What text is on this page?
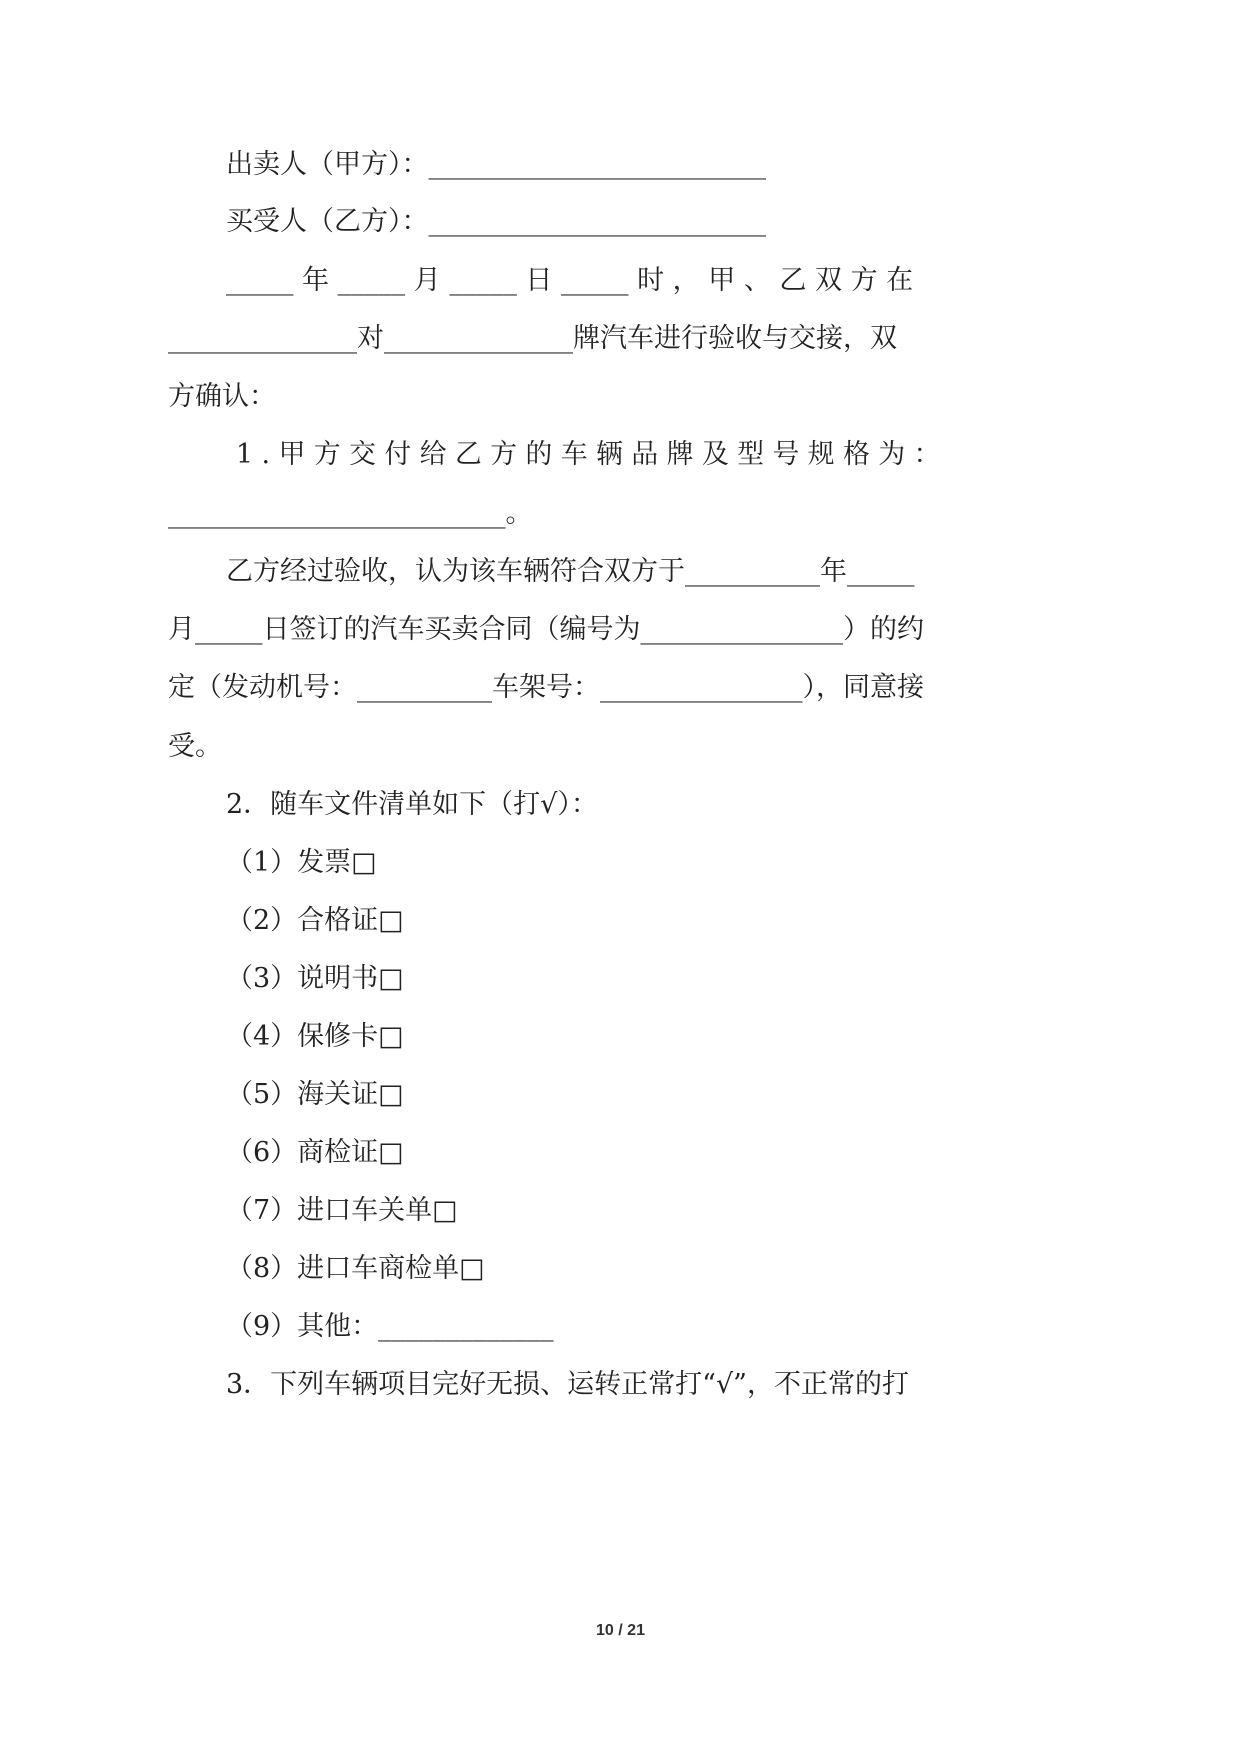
出卖人（甲方）：_________________________

买受人（乙方）：_________________________

_____ 年 _____ 月 _____ 日 _____ 时 ， 甲 、 乙 双 方 在

______________对______________牌汽车进行验收与交接，双

方确认：

1 . 甲 方 交 付 给 乙 方 的 车 辆 品 牌 及 型 号 规 格 为 ：

_________________________。

乙方经过验收，认为该车辆符合双方于__________年_____

月_____日签订的汽车买卖合同（编号为_______________）的约

定（发动机号：__________车架号：_______________），同意接

受。

2．随车文件清单如下（打√）：

（1）发票□

（2）合格证□

（3）说明书□

（4）保修卡□

（5）海关证□

（6）商检证□

（7）进口车关单□

（8）进口车商检单□

（9）其他：_____________

3．下列车辆项目完好无损、运转正常打“√”，不正常的打

10 / 21
